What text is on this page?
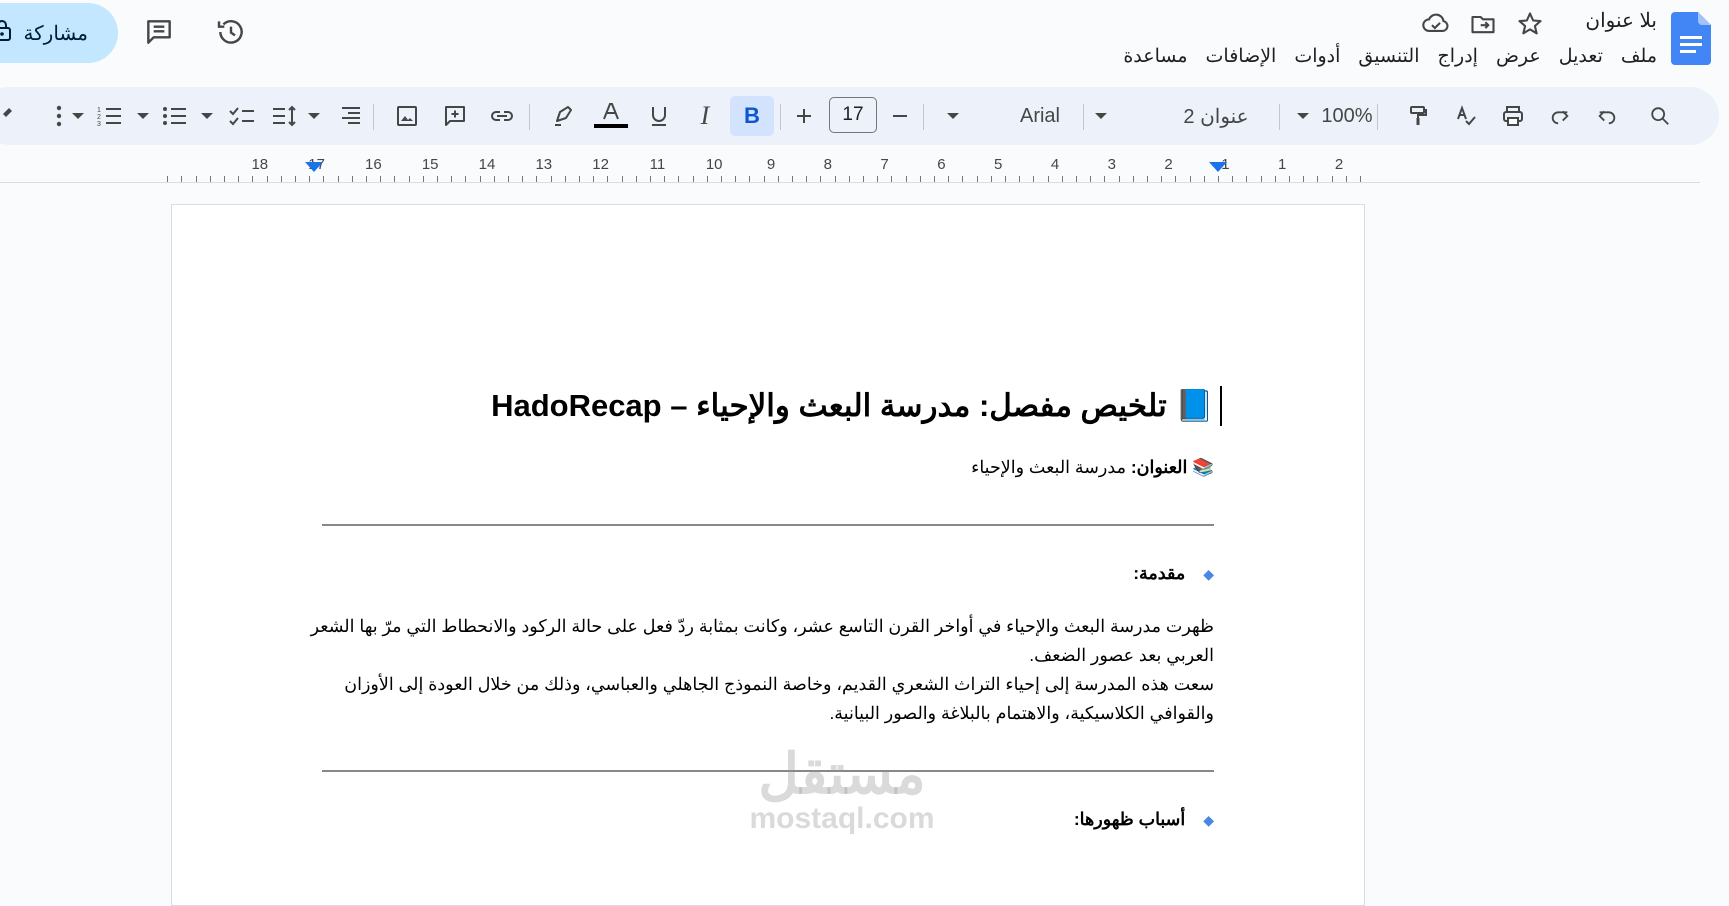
بلا عنوان
ملف
تعديل
عرض
إدراج
التنسيق
أدوات
الإضافات
مساعدة
مشاركة
100%
عنوان 2
Arial
17
B
I
1
2
3
2
1
1
2
3
4
5
6
7
8
9
10
11
12
13
14
15
16
17
18
📘 تلخيص مفصل: مدرسة البعث والإحياء – HadoRecap
📚 العنوان: مدرسة البعث والإحياء
◆مقدمة:
ظهرت مدرسة البعث والإحياء في أواخر القرن التاسع عشر، وكانت بمثابة ردّ فعل على حالة الركود والانحطاط التي مرّ بها الشعر
العربي بعد عصور الضعف.
سعت هذه المدرسة إلى إحياء التراث الشعري القديم، وخاصة النموذج الجاهلي والعباسي، وذلك من خلال العودة إلى الأوزان
والقوافي الكلاسيكية، والاهتمام بالبلاغة والصور البيانية.
◆أسباب ظهورها:
مستقل
mostaql.com
